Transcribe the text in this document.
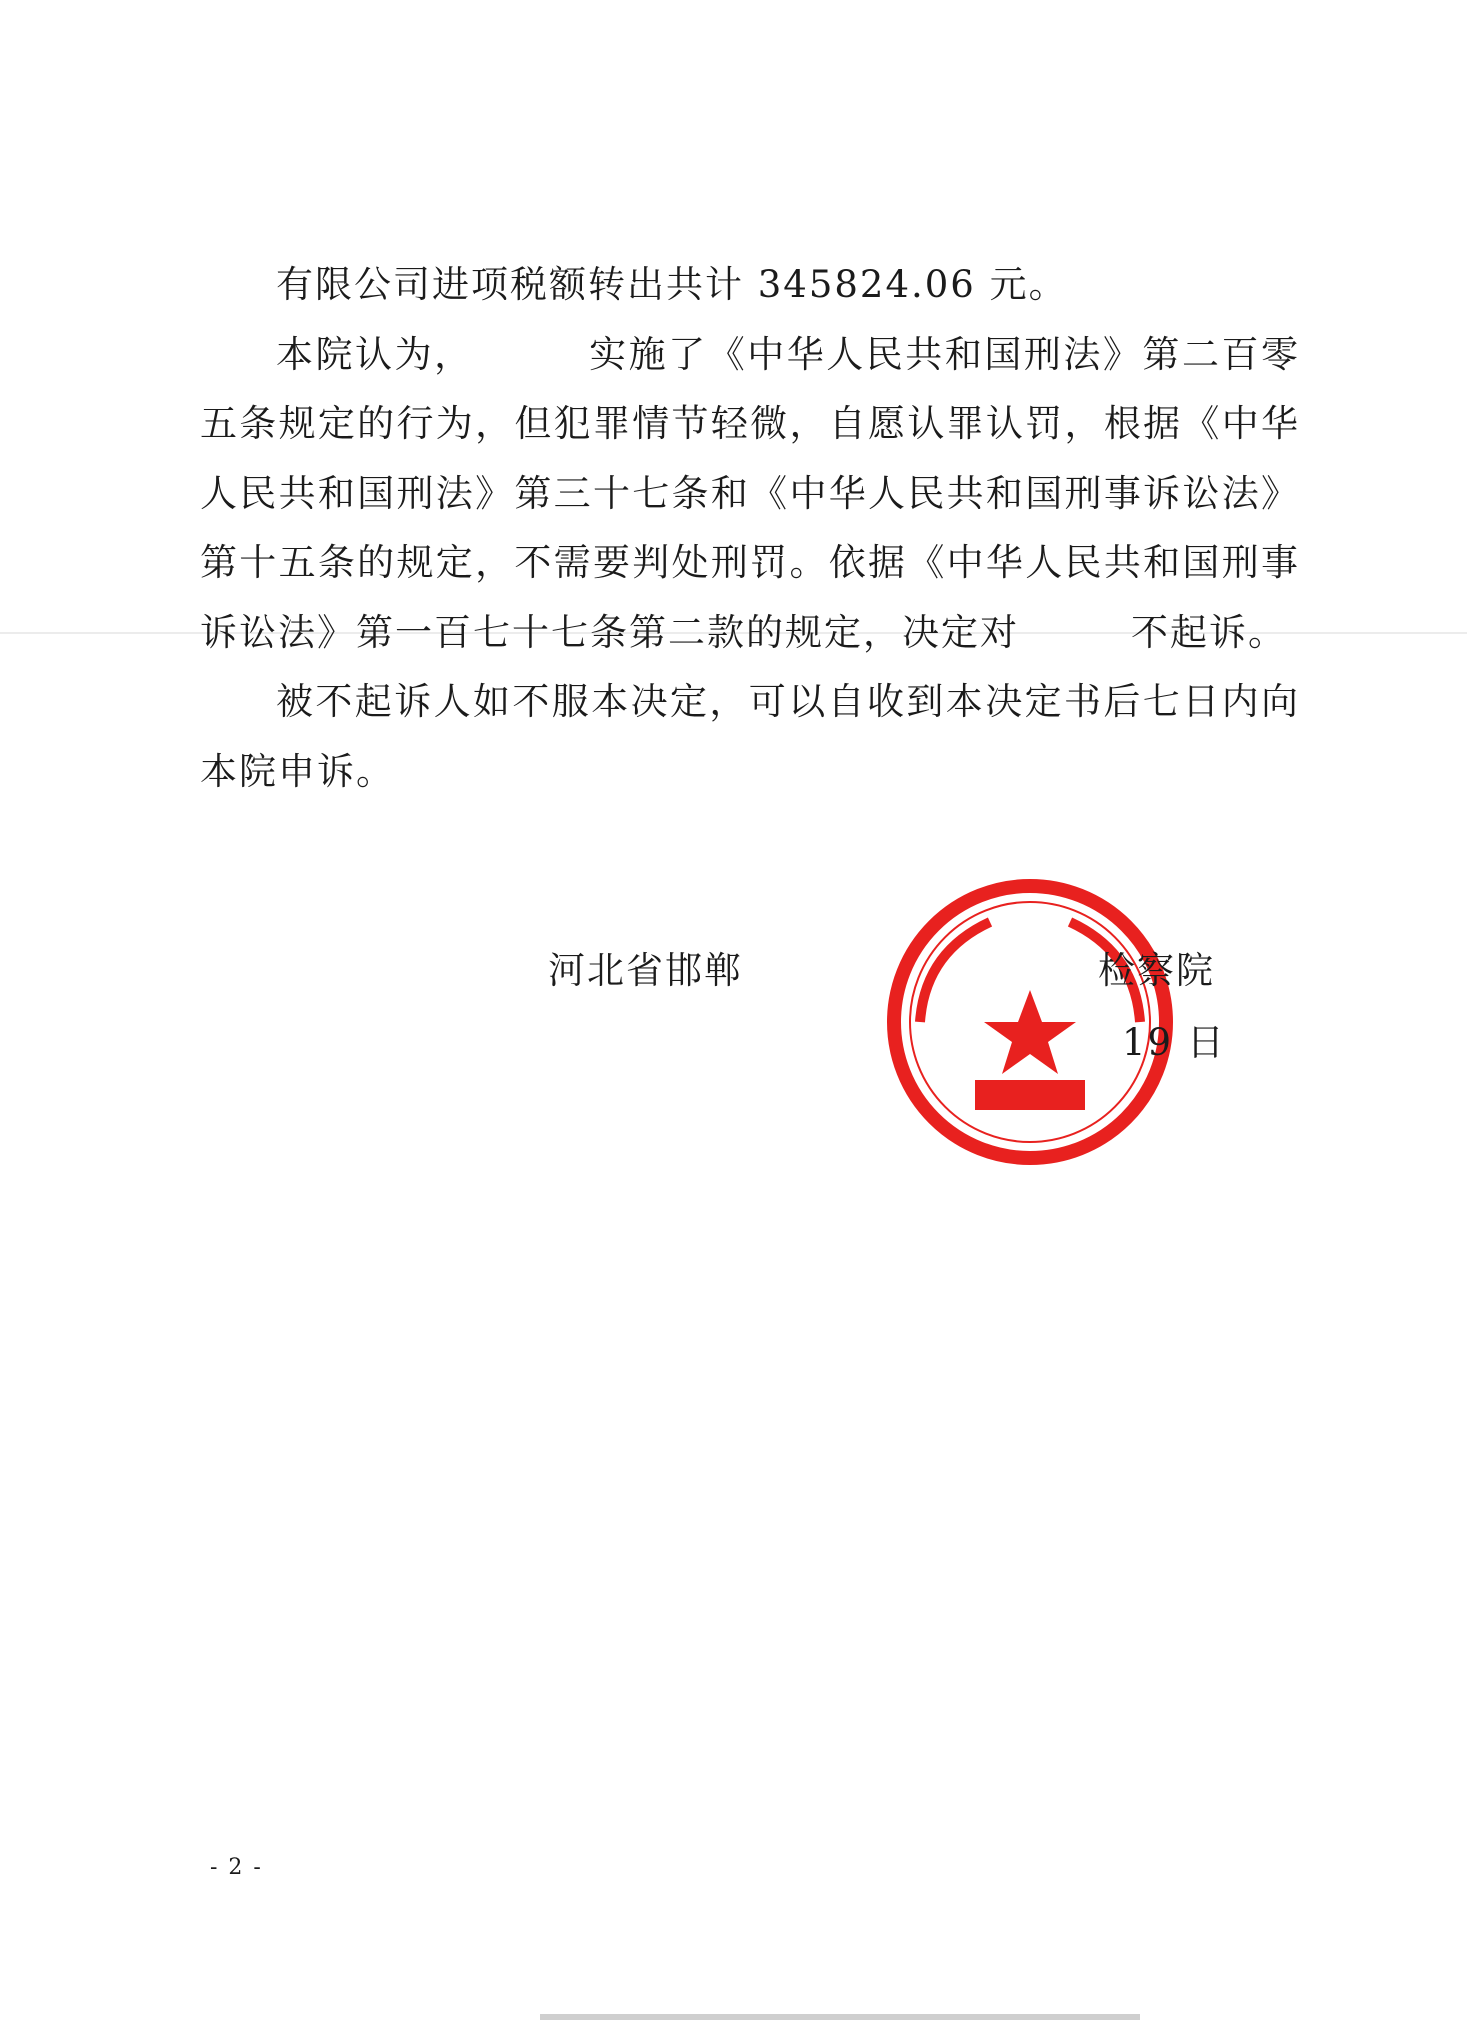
有限公司进项税额转出共计 345824.06 元。

本院认为，	实施了《中华人民共和国刑法》第二百零五条规定的行为，但犯罪情节轻微，自愿认罪认罚，根据《中华人民共和国刑法》第三十七条和《中华人民共和国刑事诉讼法》第十五条的规定，不需要判处刑罚。依据《中华人民共和国刑事诉讼法》第一百七十七条第二款的规定，决定对	不起诉。

被不起诉人如不服本决定，可以自收到本决定书后七日内向本院申诉。

河北省邯郸	检察院
19 日
- 2 -
